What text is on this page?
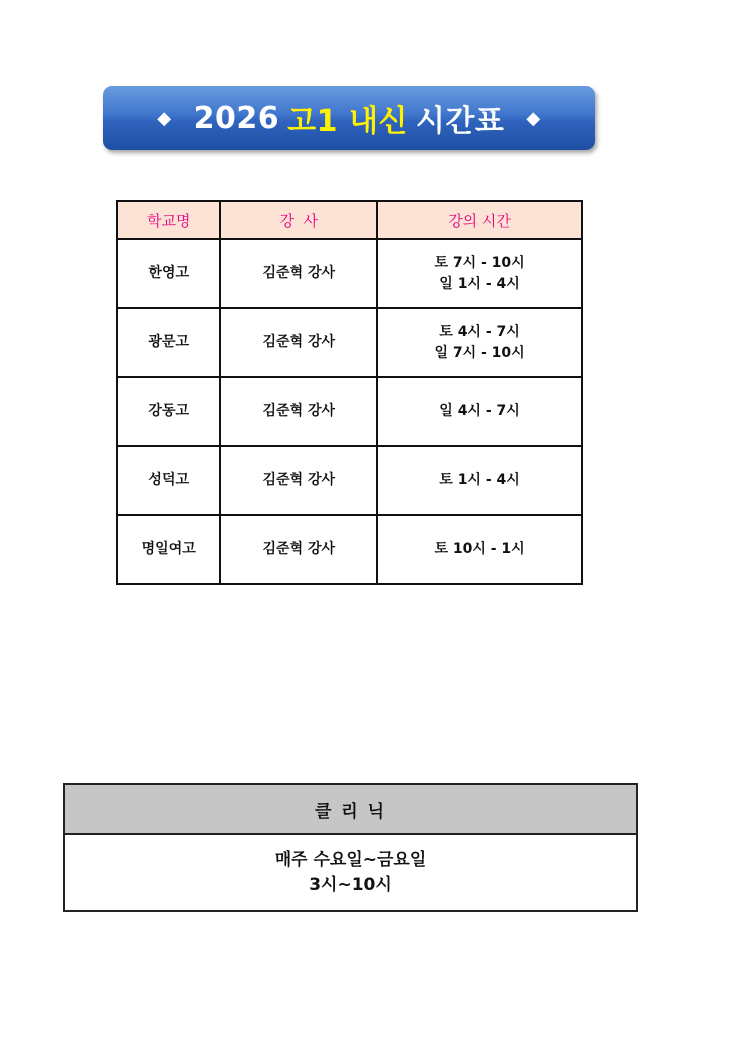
◆ 2026 고1 내신 시간표 ◆
학교명	강  사	강의 시간
한영고	김준혁 강사	토 7시 - 10시
일 1시 - 4시

광문고	김준혁 강사	토 4시 - 7시
일 7시 - 10시

강동고	김준혁 강사	일 4시 - 7시

성덕고	김준혁 강사	토 1시 - 4시

명일여고	김준혁 강사	토 10시 - 1시
클 리 닉
매주 수요일~금요일
3시~10시
